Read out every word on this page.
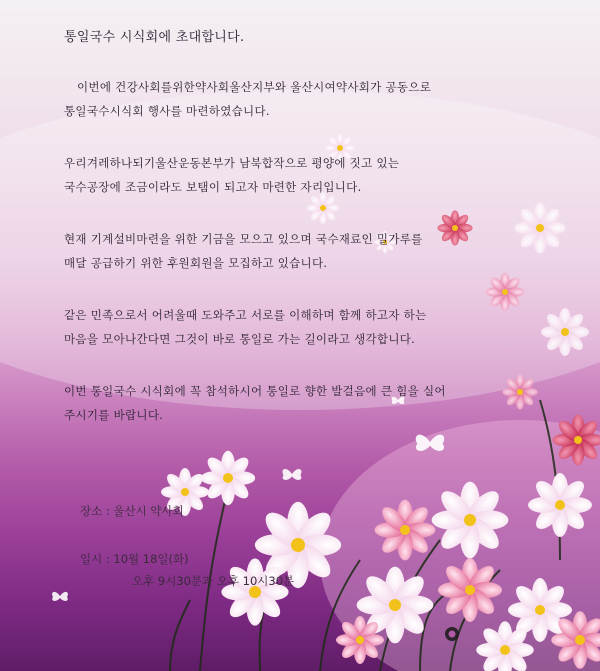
통일국수 시식회에 초대합니다.
이번에 건강사회를위한약사회울산지부와 울산시여약사회가 공동으로
통일국수시식회 행사를 마련하였습니다.
우리겨레하나되기울산운동본부가 남북합작으로 평양에 짓고 있는
국수공장에 조금이라도 보탬이 되고자 마련한 자리입니다.
현재 기계설비마련을 위한 기금을 모으고 있으며 국수재료인 밀가루를
매달 공급하기 위한 후원회원을 모집하고 있습니다.
같은 민족으로서 어려울때 도와주고 서로를 이해하며 함께 하고자 하는
마음을 모아나간다면 그것이 바로 통일로 가는 길이라고 생각합니다.
이번 통일국수 시식회에 꼭 참석하시어 통일로 향한 발걸음에 큰 힘을 실어
주시기를 바랍니다.
장소 : 울산시 약사회
일시 : 10월 18일(화)
오후 9시30분과 오후 10시30분
